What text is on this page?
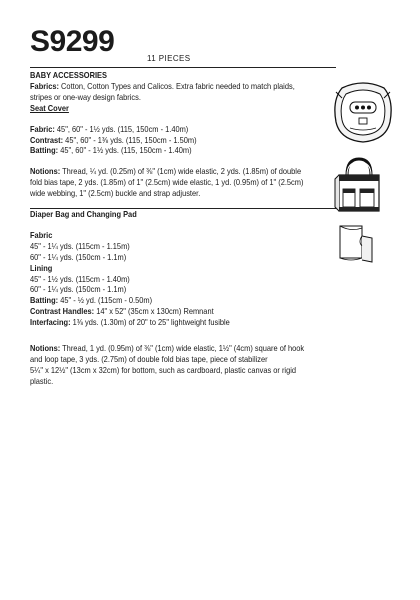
S9299
11 PIECES
BABY ACCESSORIES
Fabrics: Cotton, Cotton Types and Calicos. Extra fabric needed to match plaids,
stripes or one-way design fabrics.
Seat Cover
Fabric: 45", 60" - 1½ yds. (115, 150cm - 1.40m)
Contrast: 45", 60" - 1⅜ yds. (115, 150cm - 1.50m)
Batting: 45", 60" - 1½ yds. (115, 150cm - 1.40m)
Notions: Thread, ¼ yd. (0.25m) of ⅜" (1cm) wide elastic, 2 yds. (1.85m) of double
fold bias tape, 2 yds. (1.85m) of 1" (2.5cm) wide elastic, 1 yd. (0.95m) of 1" (2.5cm)
wide webbing, 1" (2.5cm) buckle and strap adjuster.
Diaper Bag and Changing Pad
Fabric
45" - 1¼ yds. (115cm - 1.15m)
60" - 1¼ yds. (150cm - 1.1m)
Lining
45" - 1½ yds. (115cm - 1.40m)
60" - 1¼ yds. (150cm - 1.1m)
Batting: 45" - ½ yd. (115cm - 0.50m)
Contrast Handles: 14" x 52" (35cm x 130cm) Remnant
Interfacing: 1⅜ yds. (1.30m) of 20" to 25" lightweight fusible
Notions: Thread, 1 yd. (0.95m) of ⅜" (1cm) wide elastic, 1½" (4cm) square of hook
and loop tape, 3 yds. (2.75m) of double fold bias tape, piece of stabilizer
5¼" x 12½" (13cm x 32cm) for bottom, such as cardboard, plastic canvas or rigid
plastic.
